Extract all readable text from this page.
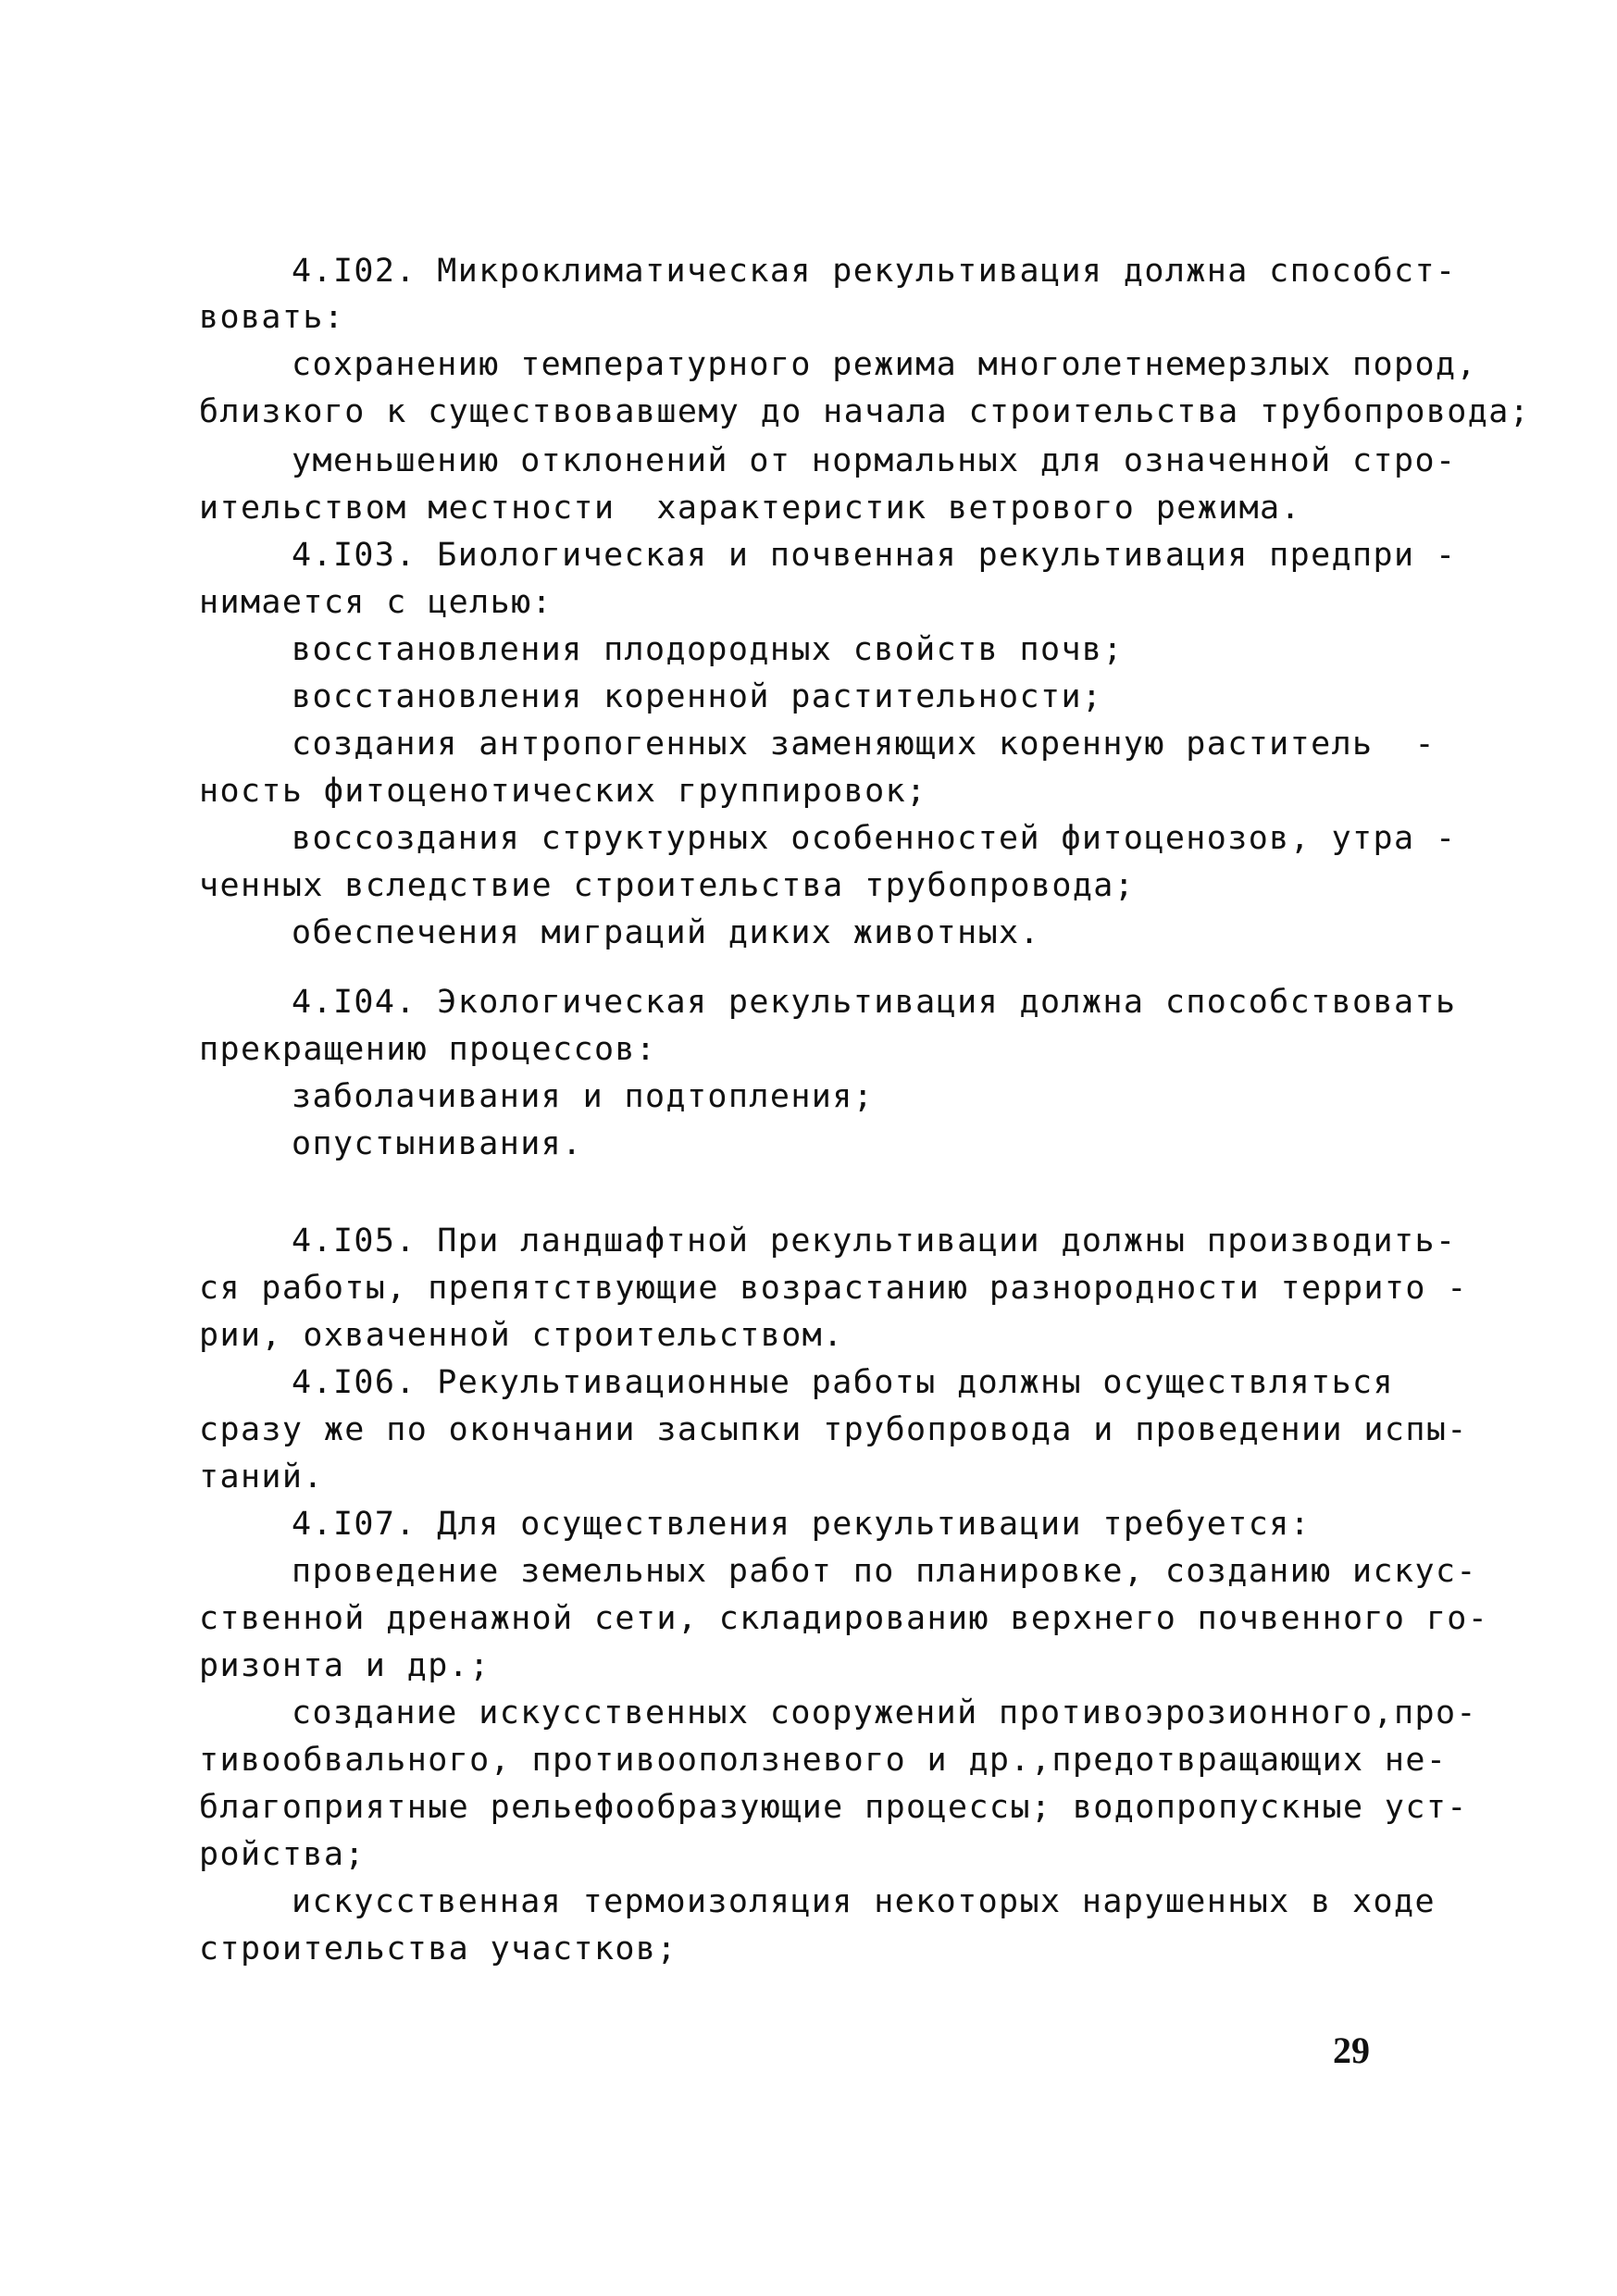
4.I02. Микроклиматическая рекультивация должна способст-
вовать:
сохранению температурного режима многолетнемерзлых пород,
близкого к существовавшему до начала строительства трубопровода;
уменьшению отклонений от нормальных для означенной стро-
ительством местности  характеристик ветрового режима.
4.I03. Биологическая и почвенная рекультивация предпри -
нимается с целью:
восстановления плодородных свойств почв;
восстановления коренной растительности;
создания антропогенных заменяющих коренную раститель  -
ность фитоценотических группировок;
воссоздания структурных особенностей фитоценозов, утра -
ченных вследствие строительства трубопровода;
обеспечения миграций диких животных.
4.I04. Экологическая рекультивация должна способствовать
прекращению процессов:
заболачивания и подтопления;
опустынивания.
4.I05. При ландшафтной рекультивации должны производить-
ся работы, препятствующие возрастанию разнородности террито -
рии, охваченной строительством.
4.I06. Рекультивационные работы должны осуществляться
сразу же по окончании засыпки трубопровода и проведении испы-
таний.
4.I07. Для осуществления рекультивации требуется:
проведение земельных работ по планировке, созданию искус-
ственной дренажной сети, складированию верхнего почвенного го-
ризонта и др.;
создание искусственных сооружений противоэрозионного,про-
тивообвального, противооползневого и др.,предотвращающих не-
благоприятные рельефообразующие процессы; водопропускные уст-
ройства;
искусственная термоизоляция некоторых нарушенных в ходе
строительства участков;
29
